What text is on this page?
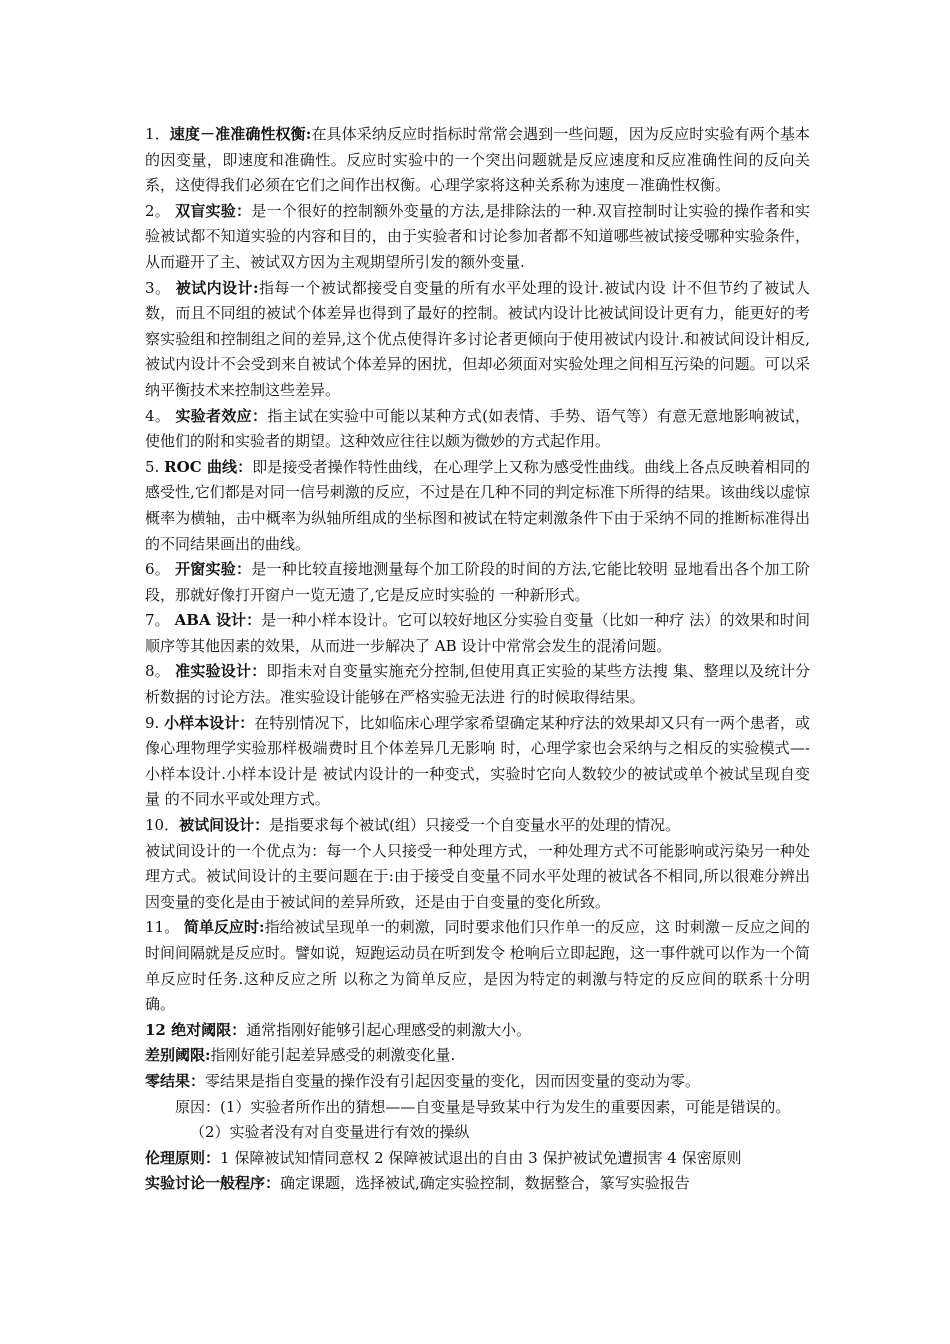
1．速度－准准确性权衡:在具体采纳反应时指标时常常会遇到一些问题，因为反应时实验有两个基本的因变量，即速度和准确性。反应时实验中的一个突出问题就是反应速度和反应准确性间的反向关系，这使得我们必须在它们之间作出权衡。心理学家将这种关系称为速度－准确性权衡。

2。 双盲实验：是一个很好的控制额外变量的方法,是排除法的一种.双盲控制时让实验的操作者和实验被试都不知道实验的内容和目的，由于实验者和讨论参加者都不知道哪些被试接受哪种实验条件，从而避开了主、被试双方因为主观期望所引发的额外变量.

3。 被试内设计:指每一个被试都接受自变量的所有水平处理的设计.被试内设 计不但节约了被试人数，而且不同组的被试个体差异也得到了最好的控制。被试内设计比被试间设计更有力，能更好的考察实验组和控制组之间的差异,这个优点使得许多讨论者更倾向于使用被试内设计.和被试间设计相反,被试内设计不会受到来自被试个体差异的困扰，但却必须面对实验处理之间相互污染的问题。可以采纳平衡技术来控制这些差异。

4。 实验者效应：指主试在实验中可能以某种方式(如表情、手势、语气等）有意无意地影响被试，使他们的附和实验者的期望。这种效应往往以颇为微妙的方式起作用。

5. ROC 曲线：即是接受者操作特性曲线，在心理学上又称为感受性曲线。曲线上各点反映着相同的感受性,它们都是对同一信号刺激的反应，不过是在几种不同的判定标准下所得的结果。该曲线以虚惊概率为横轴，击中概率为纵轴所组成的坐标图和被试在特定刺激条件下由于采纳不同的推断标准得出 的不同结果画出的曲线。

6。 开窗实验：是一种比较直接地测量每个加工阶段的时间的方法,它能比较明 显地看出各个加工阶段，那就好像打开窗户一览无遗了,它是反应时实验的 一种新形式。

7。 ABA 设计：是一种小样本设计。它可以较好地区分实验自变量（比如一种疗 法）的效果和时间顺序等其他因素的效果，从而进一步解决了 AB 设计中常常会发生的混淆问题。

8。 准实验设计：即指未对自变量实施充分控制,但使用真正实验的某些方法搜 集、整理以及统计分析数据的讨论方法。准实验设计能够在严格实验无法进 行的时候取得结果。

9. 小样本设计：在特别情况下，比如临床心理学家希望确定某种疗法的效果却又只有一两个患者，或像心理物理学实验那样极端费时且个体差异几无影响 时，心理学家也会采纳与之相反的实验模式—-小样本设计.小样本设计是 被试内设计的一种变式，实验时它向人数较少的被试或单个被试呈现自变量 的不同水平或处理方式。

10．被试间设计：是指要求每个被试(组）只接受一个自变量水平的处理的情况。

被试间设计的一个优点为：每一个人只接受一种处理方式，一种处理方式不可能影响或污染另一种处理方式。被试间设计的主要问题在于:由于接受自变量不同水平处理的被试各不相同,所以很难分辨出因变量的变化是由于被试间的差异所致，还是由于自变量的变化所致。

11。 简单反应时:指给被试呈现单一的刺激，同时要求他们只作单一的反应，这 时刺激－反应之间的时间间隔就是反应时。譬如说，短跑运动员在听到发令 枪响后立即起跑，这一事件就可以作为一个简单反应时任务.这种反应之所 以称之为简单反应，是因为特定的刺激与特定的反应间的联系十分明确。

12 绝对阈限：通常指刚好能够引起心理感受的刺激大小。

差别阈限:指刚好能引起差异感受的刺激变化量.

零结果：零结果是指自变量的操作没有引起因变量的变化，因而因变量的变动为零。

原因：(1）实验者所作出的猜想——自变量是导致某中行为发生的重要因素，可能是错误的。

（2）实验者没有对自变量进行有效的操纵

伦理原则：1 保障被试知情同意权 2 保障被试退出的自由 3 保护被试免遭损害 4 保密原则

实验讨论一般程序：确定课题，选择被试,确定实验控制，数据整合，篆写实验报告
